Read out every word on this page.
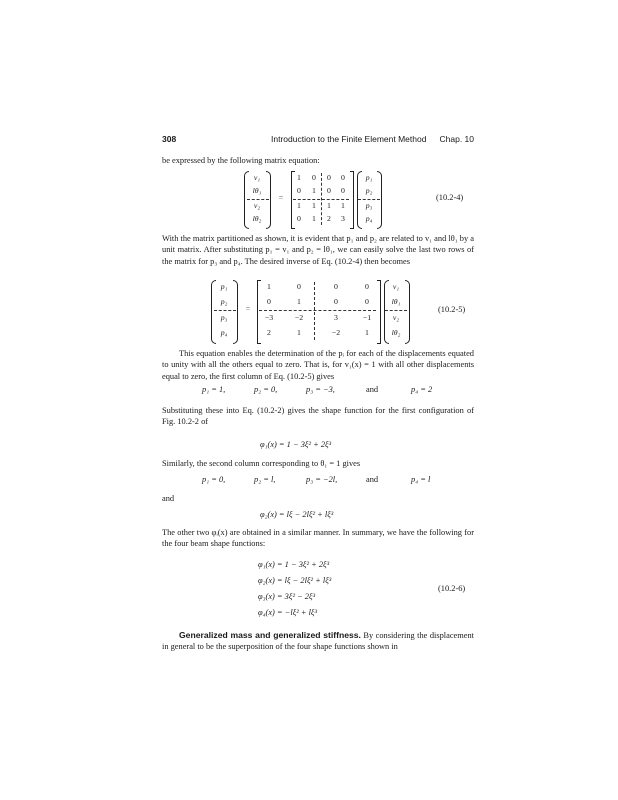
308	Introduction to the Finite Element Method Chap. 10
be expressed by the following matrix equation:
v₁
lθ₁
v₂
lθ₂
=
1	0	0	0
0	1	0	0
1	1	1	1
0	1	2	3
p₁
p₂
p₃
p₄
(10.2-4)
With the matrix partitioned as shown, it is evident that p₁ and p₂ are related to v₁ and lθ₁ by a unit matrix. After substituting p₁ = v₁ and p₂ = lθ₁, we can easily solve the last two rows of the matrix for p₃ and p₄. The desired inverse of Eq. (10.2-4) then becomes
p₁
p₂
p₃
p₄
=
1	0	0	0
0	1	0	0
−3	−2	3	−1
2	1	−2	1
v₁
lθ₁
v₂
lθ₂
(10.2-5)
This equation enables the determination of the pᵢ for each of the displacements equated to unity with all the others equal to zero. That is, for v₁(x) = 1 with all other displacements equal to zero, the first column of Eq. (10.2-5) gives
p₁ = 1,	p₂ = 0,	p₃ = −3,	and	p₄ = 2
Substituting these into Eq. (10.2-2) gives the shape function for the first configuration of Fig. 10.2-2 of
φ₁(x) = 1 − 3ξ² + 2ξ³
Similarly, the second column corresponding to θ₁ = 1 gives
p₁ = 0,	p₂ = l,	p₃ = −2l,	and	p₄ = l
and
φ₂(x) = lξ − 2lξ² + lξ³
The other two φᵢ(x) are obtained in a similar manner. In summary, we have the following for the four beam shape functions:
φ₁(x) = 1 − 3ξ² + 2ξ³
φ₂(x) = lξ − 2lξ² + lξ³
φ₃(x) = 3ξ² − 2ξ³
φ₄(x) = −lξ² + lξ³
(10.2-6)
Generalized mass and generalized stiffness. By considering the displacement in general to be the superposition of the four shape functions shown in
